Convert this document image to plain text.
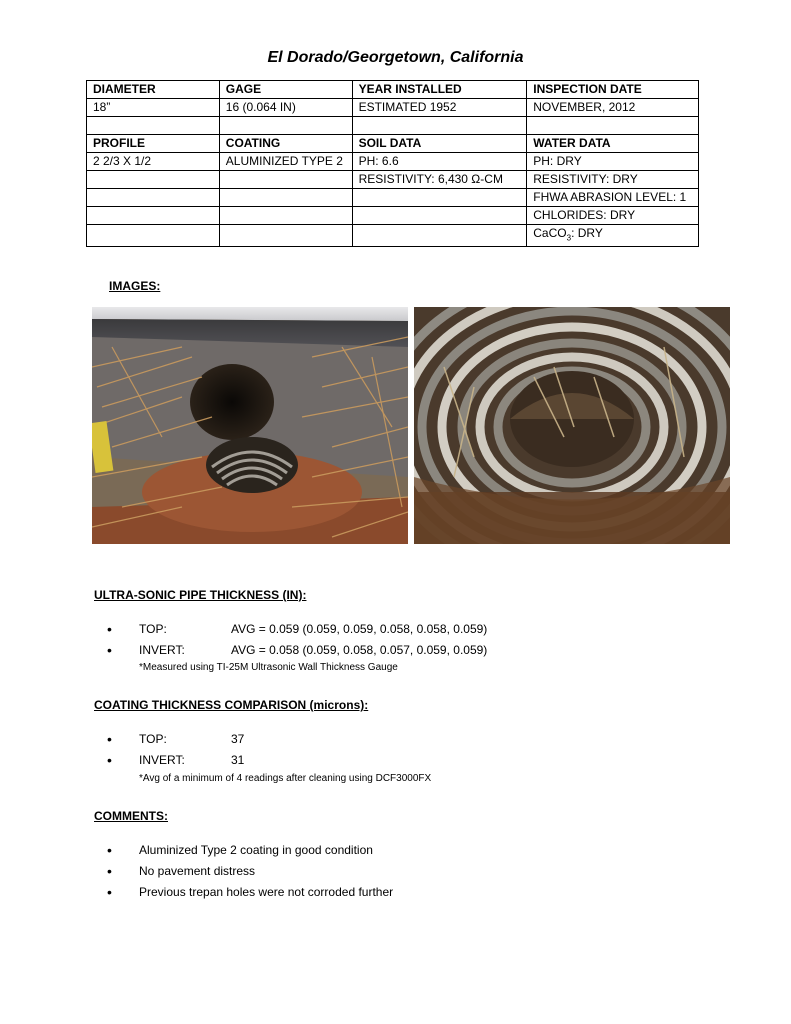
El Dorado/Georgetown, California
DIAMETER	GAGE	YEAR INSTALLED	INSPECTION DATE
18”	16 (0.064 IN)	ESTIMATED 1952	NOVEMBER, 2012

PROFILE	COATING	SOIL DATA	WATER DATA
2 2/3 X 1/2	ALUMINIZED TYPE 2	PH: 6.6	PH: DRY
		RESISTIVITY: 6,430 Ω-CM	RESISTIVITY: DRY
			FHWA ABRASION LEVEL: 1
			CHLORIDES: DRY
			CaCO$_3$: DRY
IMAGES:
ULTRA-SONIC PIPE THICKNESS (IN):
TOP:	AVG = 0.059 (0.059, 0.059, 0.058, 0.058, 0.059)
INVERT:	AVG = 0.058 (0.059, 0.058, 0.057, 0.059, 0.059)
*Measured using TI-25M Ultrasonic Wall Thickness Gauge
COATING THICKNESS COMPARISON (microns):
TOP:	37
INVERT:	31
*Avg of a minimum of 4 readings after cleaning using DCF3000FX
COMMENTS:
Aluminized Type 2 coating in good condition
No pavement distress
Previous trepan holes were not corroded further
